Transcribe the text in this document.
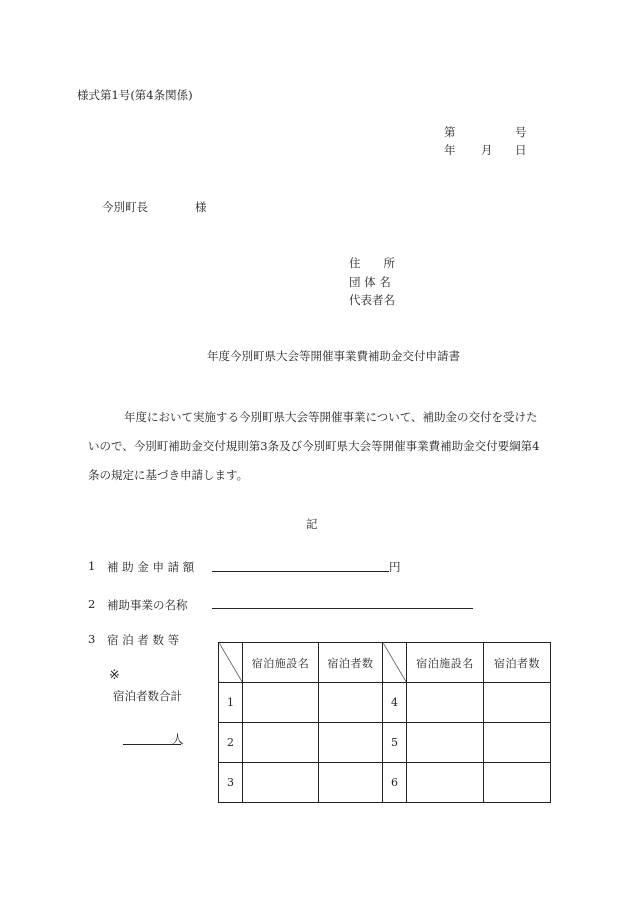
様式第1号(第4条関係)
第	号
年 月 日
今別町長	様
住　　所
団 体 名
代表者名
年度今別町県大会等開催事業費補助金交付申請書
年度において実施する今別町県大会等開催事業について、補助金の交付を受けた
いので、今別町補助金交付規則第3条及び今別町県大会等開催事業費補助金交付要綱第4
条の規定に基づき申請します。
記
1 補 助 金 申 請 額	円
2 補助事業の名称
3 宿 泊 者 数 等
※
宿泊者数合計
人
	宿泊施設名	宿泊者数		宿泊施設名	宿泊者数
1			4		
2			5		
3			6		
